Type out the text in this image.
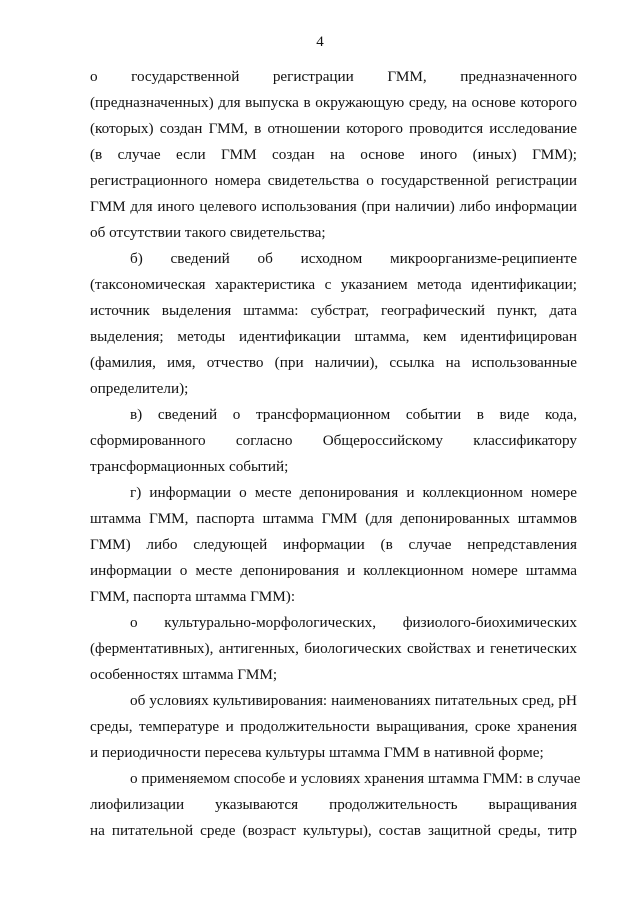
4
о государственной регистрации ГММ, предназначенного
(предназначенных) для выпуска в окружающую среду, на основе которого
(которых) создан ГММ, в отношении которого проводится исследование
(в случае если ГММ создан на основе иного (иных) ГММ);
регистрационного номера свидетельства о государственной регистрации
ГММ для иного целевого использования (при наличии) либо информации
об отсутствии такого свидетельства;
б) сведений об исходном микроорганизме-реципиенте
(таксономическая характеристика с указанием метода идентификации;
источник выделения штамма: субстрат, географический пункт, дата
выделения; методы идентификации штамма, кем идентифицирован
(фамилия, имя, отчество (при наличии), ссылка на использованные
определители);
в) сведений о трансформационном событии в виде кода,
сформированного согласно Общероссийскому классификатору
трансформационных событий;
г) информации о месте депонирования и коллекционном номере
штамма ГММ, паспорта штамма ГММ (для депонированных штаммов
ГММ) либо следующей информации (в случае непредставления
информации о месте депонирования и коллекционном номере штамма
ГММ, паспорта штамма ГММ):
о культурально-морфологических, физиолого-биохимических
(ферментативных), антигенных, биологических свойствах и генетических
особенностях штамма ГММ;
об условиях культивирования: наименованиях питательных сред, pH
среды, температуре и продолжительности выращивания, сроке хранения
и периодичности пересева культуры штамма ГММ в нативной форме;
о применяемом способе и условиях хранения штамма ГММ: в случае
лиофилизации указываются продолжительность выращивания
на питательной среде (возраст культуры), состав защитной среды, титр
